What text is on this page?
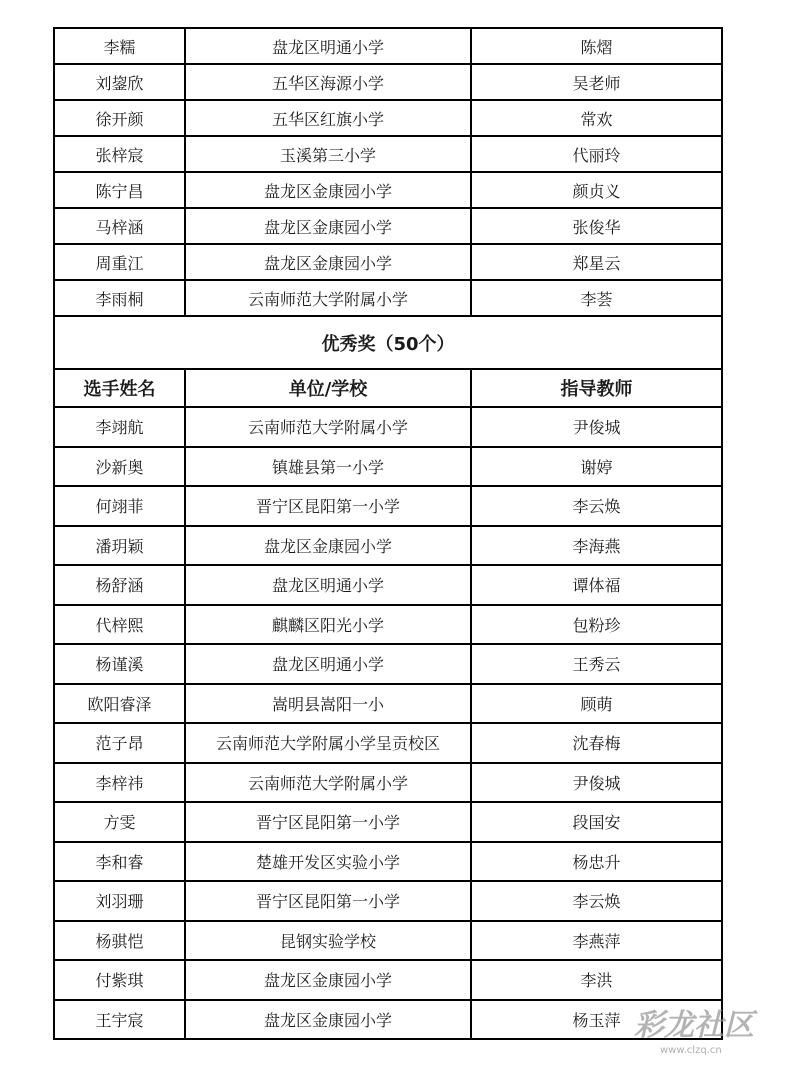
李糯	盘龙区明通小学	陈熠
刘鋆欣	五华区海源小学	吴老师
徐开颜	五华区红旗小学	常欢
张梓宸	玉溪第三小学	代丽玲
陈宁昌	盘龙区金康园小学	颜贞义
马梓涵	盘龙区金康园小学	张俊华
周重江	盘龙区金康园小学	郑星云
李雨桐	云南师范大学附属小学	李荟
优秀奖（50个）		
选手姓名	单位/学校	指导教师
李翊航	云南师范大学附属小学	尹俊城
沙新奥	镇雄县第一小学	谢婷
何翊菲	晋宁区昆阳第一小学	李云焕
潘玥颖	盘龙区金康园小学	李海燕
杨舒涵	盘龙区明通小学	谭体福
代梓熙	麒麟区阳光小学	包粉珍
杨谨溪	盘龙区明通小学	王秀云
欧阳睿泽	嵩明县嵩阳一小	顾萌
范子昂	云南师范大学附属小学呈贡校区	沈春梅
李梓祎	云南师范大学附属小学	尹俊城
方雯	晋宁区昆阳第一小学	段国安
李和睿	楚雄开发区实验小学	杨忠升
刘羽珊	晋宁区昆阳第一小学	李云焕
杨骐恺	昆钢实验学校	李燕萍
付紫琪	盘龙区金康园小学	李洪
王宇宸	盘龙区金康园小学	杨玉萍 彩龙社区
www.clzq.cn
